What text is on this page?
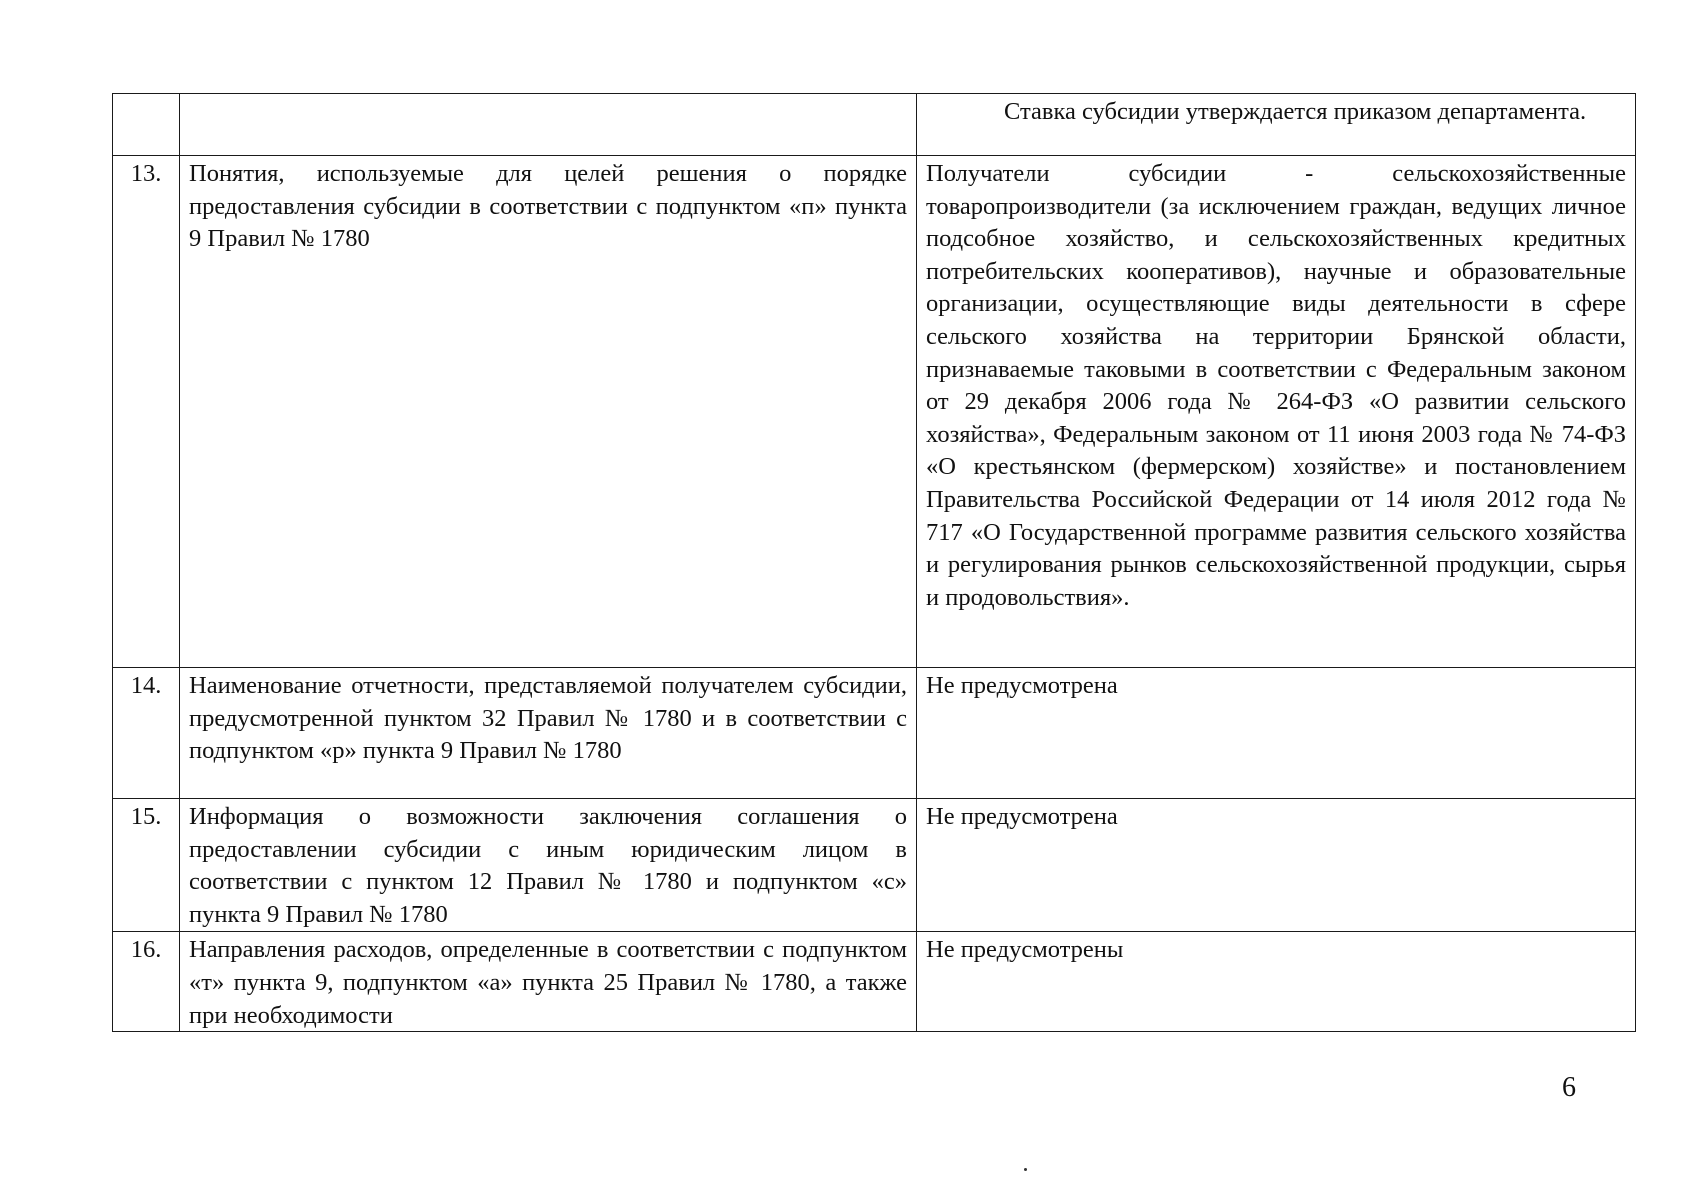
		Ставка субсидии утверждается приказом департамента.
13.	Понятия, используемые для целей решения о порядке предоставления субсидии в соответствии с подпунктом «п» пункта 9 Правил № 1780	Получатели субсидии - сельскохозяйственные товаропроизводители (за исключением граждан, ведущих личное подсобное хозяйство, и сельскохозяйственных кредитных потребительских кооперативов), научные и образовательные организации, осуществляющие виды деятельности в сфере сельского хозяйства на территории Брянской области, признаваемые таковыми в соответствии с Федеральным законом от 29 декабря 2006 года № 264-ФЗ «О развитии сельского хозяйства», Федеральным законом от 11 июня 2003 года № 74-ФЗ «О крестьянском (фермерском) хозяйстве» и постановлением Правительства Российской Федерации от 14 июля 2012 года № 717 «О Государственной программе развития сельского хозяйства и регулирования рынков сельскохозяйственной продукции, сырья и продовольствия».
14.	Наименование отчетности, представляемой получателем субсидии, предусмотренной пунктом 32 Правил № 1780 и в соответствии с подпунктом «р» пункта 9 Правил № 1780	Не предусмотрена
15.	Информация о возможности заключения соглашения о предоставлении субсидии с иным юридическим лицом в соответствии с пунктом 12 Правил № 1780 и подпунктом «с» пункта 9 Правил № 1780	Не предусмотрена
16.	Направления расходов, определенные в соответствии с подпунктом «т» пункта 9, подпунктом «а» пункта 25 Правил № 1780, а также при необходимости	Не предусмотрены
6
